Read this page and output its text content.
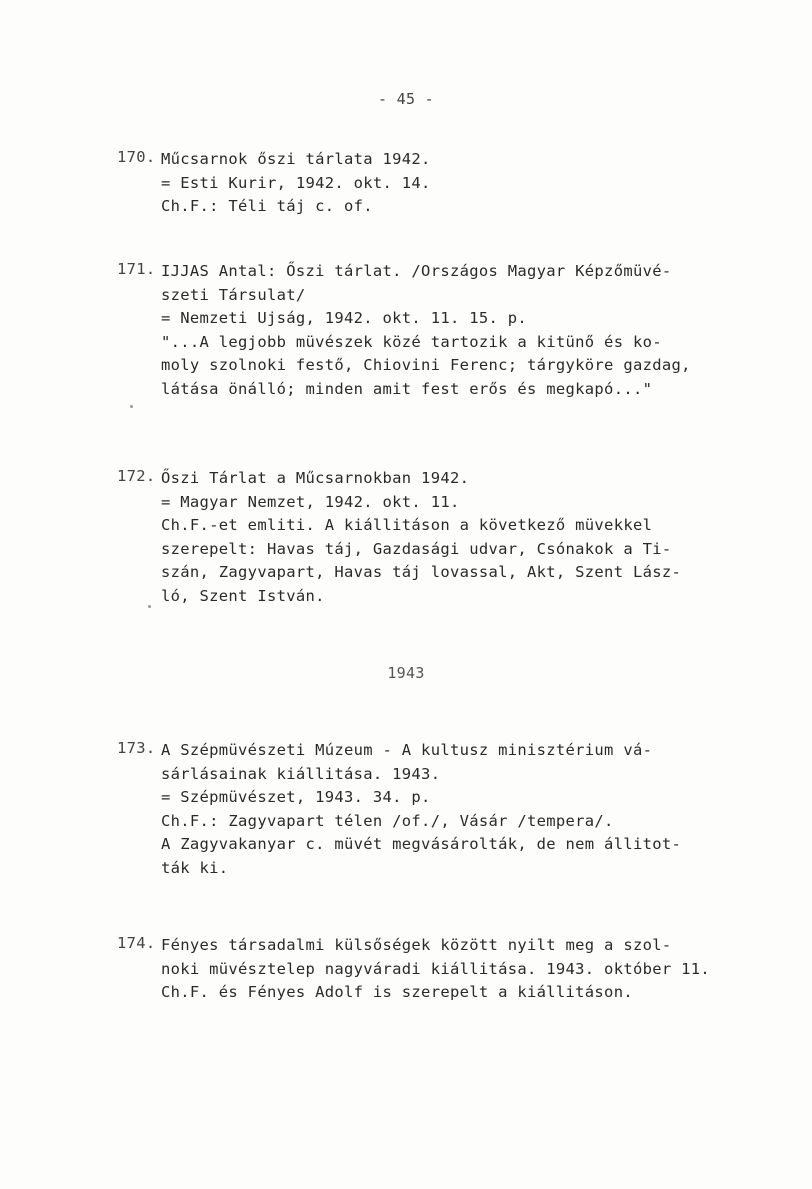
- 45 -
170. Műcsarnok őszi tárlata 1942.
= Esti Kurir, 1942. okt. 14.
Ch.F.: Téli táj c. of.
171. IJJAS Antal: Őszi tárlat. /Országos Magyar Képzőmüvé-
szeti Társulat/
= Nemzeti Ujság, 1942. okt. 11. 15. p.
"...A legjobb müvészek közé tartozik a kitünő és ko-
moly szolnoki festő, Chiovini Ferenc; tárgyköre gazdag,
látása önálló; minden amit fest erős és megkapó..."
172. Őszi Tárlat a Műcsarnokban 1942.
= Magyar Nemzet, 1942. okt. 11.
Ch.F.-et emliti. A kiállitáson a következő müvekkel
szerepelt: Havas táj, Gazdasági udvar, Csónakok a Ti-
szán, Zagyvapart, Havas táj lovassal, Akt, Szent Lász-
ló, Szent István.
1943
173. A Szépmüvészeti Múzeum - A kultusz minisztérium vá-
sárlásainak kiállitása. 1943.
= Szépmüvészet, 1943. 34. p.
Ch.F.: Zagyvapart télen /of./, Vásár /tempera/.
A Zagyvakanyar c. müvét megvásárolták, de nem állitot-
ták ki.
174. Fényes társadalmi külsőségek között nyilt meg a szol-
noki müvésztelep nagyváradi kiállitása. 1943. október 11.
Ch.F. és Fényes Adolf is szerepelt a kiállitáson.
